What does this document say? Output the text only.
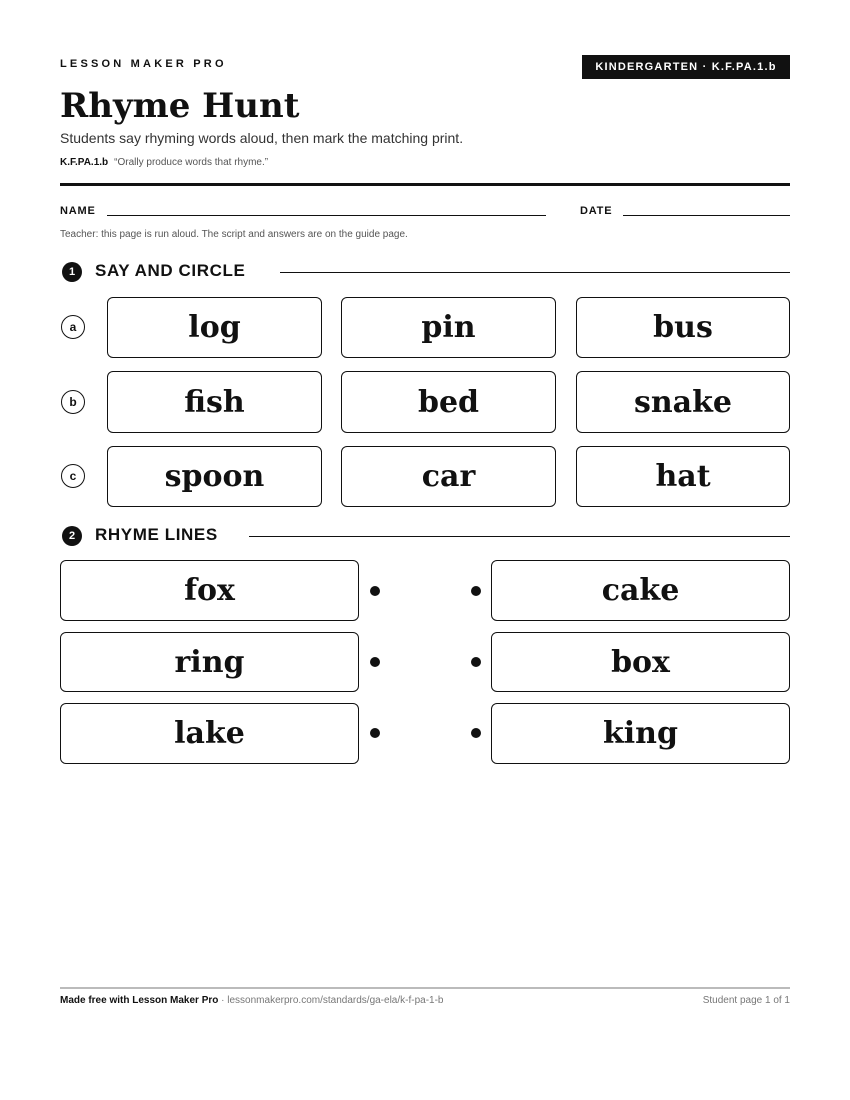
LESSON MAKER PRO	KINDERGARTEN · K.F.PA.1.b
Rhyme Hunt
Students say rhyming words aloud, then mark the matching print.
K.F.PA.1.b “Orally produce words that rhyme.”
NAME	DATE
Teacher: this page is run aloud. The script and answers are on the guide page.
1	SAY AND CIRCLE
a	log	pin	bus
b	fish	bed	snake
c	spoon	car	hat
2	RHYME LINES
fox	cake
ring	box
lake	king
Made free with Lesson Maker Pro · lessonmakerpro.com/standards/ga-ela/k-f-pa-1-b	Student page 1 of 1
